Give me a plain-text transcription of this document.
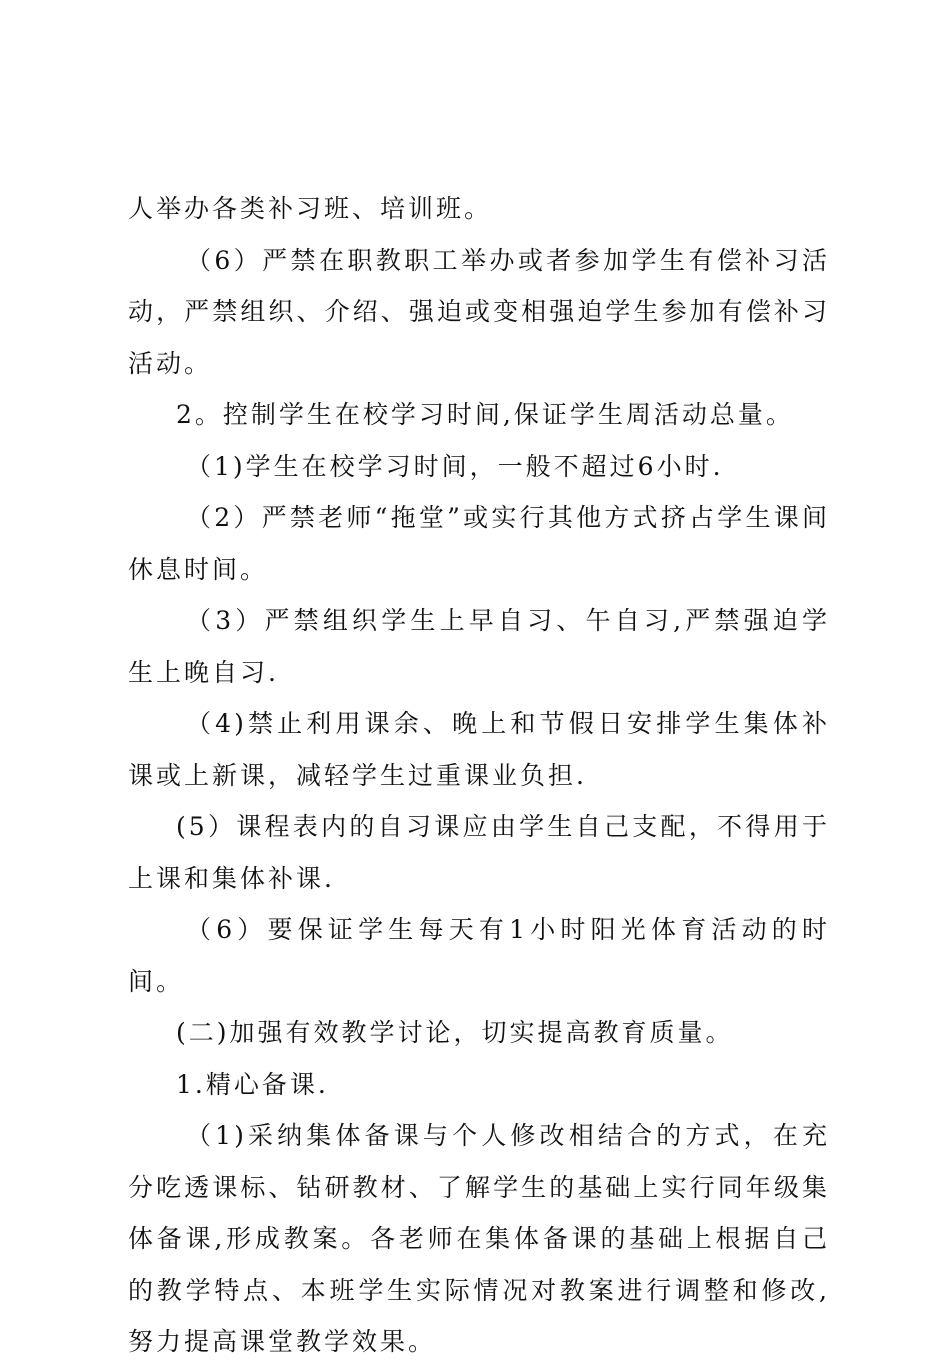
人举办各类补习班、培训班。

（6）严禁在职教职工举办或者参加学生有偿补习活动，严禁组织、介绍、强迫或变相强迫学生参加有偿补习活动。

2。控制学生在校学习时间,保证学生周活动总量。

（1)学生在校学习时间，一般不超过6小时.

（2）严禁老师“拖堂”或实行其他方式挤占学生课间休息时间。

（3）严禁组织学生上早自习、午自习,严禁强迫学生上晚自习.

（4)禁止利用课余、晚上和节假日安排学生集体补课或上新课，减轻学生过重课业负担.

(5）课程表内的自习课应由学生自己支配，不得用于上课和集体补课.

（6）要保证学生每天有1小时阳光体育活动的时间。

(二)加强有效教学讨论，切实提高教育质量。

1.精心备课.

（1)采纳集体备课与个人修改相结合的方式，在充分吃透课标、钻研教材、了解学生的基础上实行同年级集体备课,形成教案。各老师在集体备课的基础上根据自己的教学特点、本班学生实际情况对教案进行调整和修改,努力提高课堂教学效果。
